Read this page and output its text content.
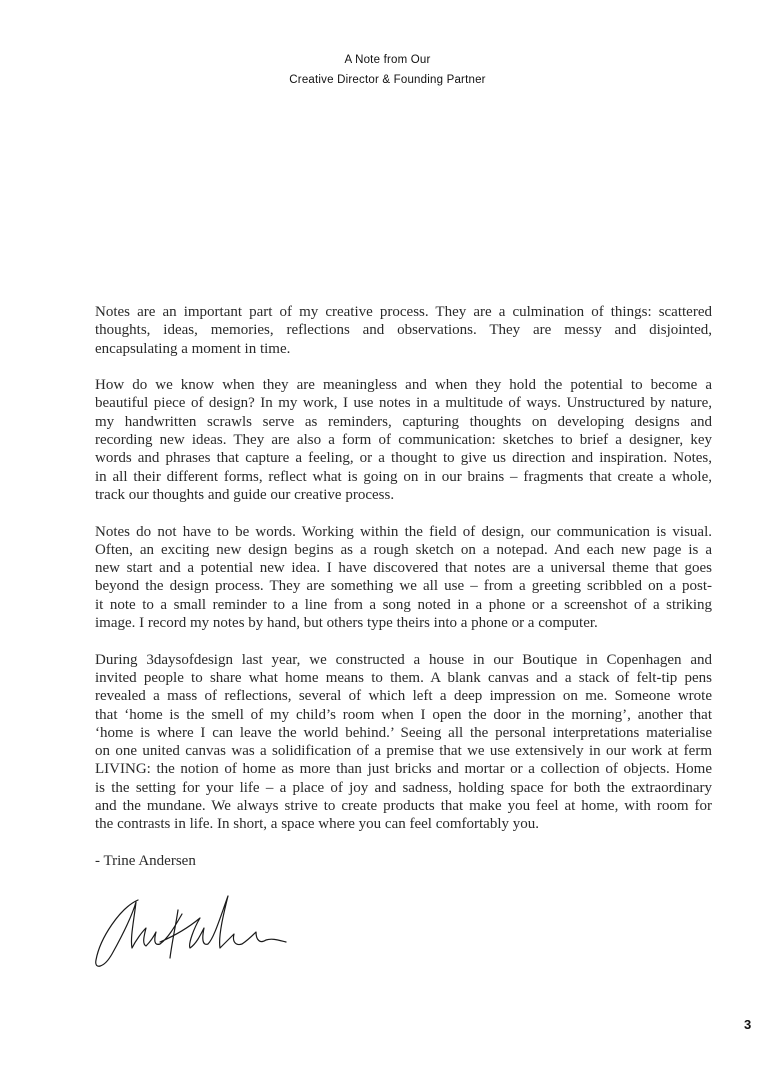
A Note from Our
Creative Director & Founding Partner
Notes are an important part of my creative process. They are a culmination of things: scattered
thoughts, ideas, memories, reflections and observations. They are messy and disjointed,
encapsulating a moment in time.
How do we know when they are meaningless and when they hold the potential to become a
beautiful piece of design? In my work, I use notes in a multitude of ways. Unstructured by nature,
my handwritten scrawls serve as reminders, capturing thoughts on developing designs and
recording new ideas. They are also a form of communication: sketches to brief a designer, key
words and phrases that capture a feeling, or a thought to give us direction and inspiration. Notes,
in all their different forms, reflect what is going on in our brains – fragments that create a whole,
track our thoughts and guide our creative process.
Notes do not have to be words. Working within the field of design, our communication is visual.
Often, an exciting new design begins as a rough sketch on a notepad. And each new page is a
new start and a potential new idea. I have discovered that notes are a universal theme that goes
beyond the design process. They are something we all use – from a greeting scribbled on a post-
it note to a small reminder to a line from a song noted in a phone or a screenshot of a striking
image. I record my notes by hand, but others type theirs into a phone or a computer.
During 3daysofdesign last year, we constructed a house in our Boutique in Copenhagen and
invited people to share what home means to them. A blank canvas and a stack of felt-tip pens
revealed a mass of reflections, several of which left a deep impression on me. Someone wrote
that ‘home is the smell of my child’s room when I open the door in the morning’, another that
‘home is where I can leave the world behind.’ Seeing all the personal interpretations materialise
on one united canvas was a solidification of a premise that we use extensively in our work at ferm
LIVING: the notion of home as more than just bricks and mortar or a collection of objects. Home
is the setting for your life – a place of joy and sadness, holding space for both the extraordinary
and the mundane. We always strive to create products that make you feel at home, with room for
the contrasts in life. In short, a space where you can feel comfortably you.
- Trine Andersen
3
